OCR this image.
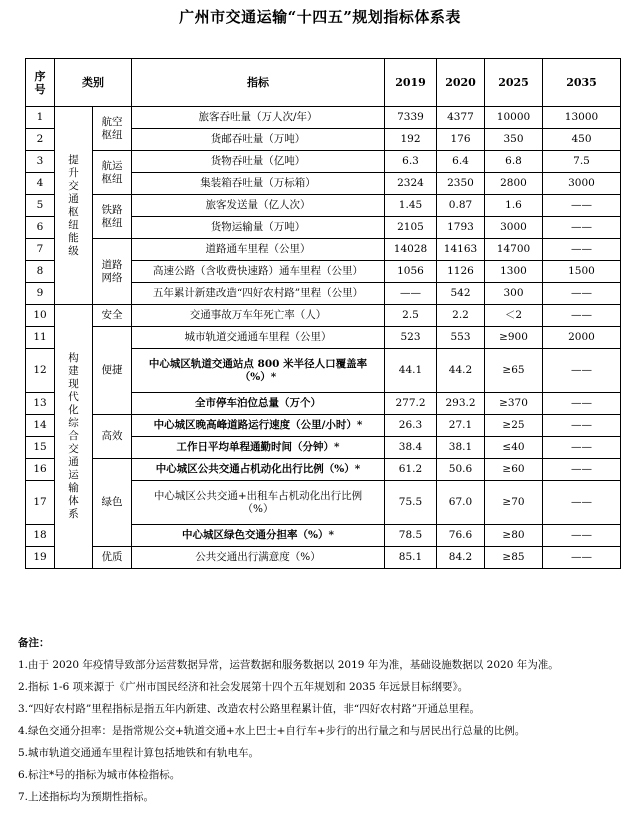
广州市交通运输“十四五”规划指标体系表
序号	类别		指标	2019	2020	2025	2035
1	提升交通枢纽能级	航空枢纽	旅客吞吐量（万人次/年）	7339	4377	10000	13000
2			货邮吞吐量（万吨）	192	176	350	450
3		航运枢纽	货物吞吐量（亿吨）	6.3	6.4	6.8	7.5
4			集装箱吞吐量（万标箱）	2324	2350	2800	3000
5		铁路枢纽	旅客发送量（亿人次）	1.45	0.87	1.6	——
6			货物运输量（万吨）	2105	1793	3000	——
7		道路网络	道路通车里程（公里）	14028	14163	14700	——
8			高速公路（含收费快速路）通车里程（公里）	1056	1126	1300	1500
9			五年累计新建改造“四好农村路”里程（公里）	——	542	300	——
10	构建现代化综合交通运输体系	安全	交通事故万车年死亡率（人）	2.5	2.2	＜2	——
11		便捷	城市轨道交通通车里程（公里）	523	553	≥900	2000
12			中心城区轨道交通站点 800 米半径人口覆盖率（%）*	44.1	44.2	≥65	——
13			全市停车泊位总量（万个）	277.2	293.2	≥370	——
14		高效	中心城区晚高峰道路运行速度（公里/小时）*	26.3	27.1	≥25	——
15			工作日平均单程通勤时间（分钟）*	38.4	38.1	≤40	——
16		绿色	中心城区公共交通占机动化出行比例（%）*	61.2	50.6	≥60	——
17			中心城区公共交通+出租车占机动化出行比例（%）	75.5	67.0	≥70	——
18			中心城区绿色交通分担率（%）*	78.5	76.6	≥80	——
19		优质	公共交通出行满意度（%）	85.1	84.2	≥85	——
备注：
1.由于 2020 年疫情导致部分运营数据异常，运营数据和服务数据以 2019 年为准，基础设施数据以 2020 年为准。
2.指标 1-6 项来源于《广州市国民经济和社会发展第十四个五年规划和 2035 年远景目标纲要》。
3.“四好农村路”里程指标是指五年内新建、改造农村公路里程累计值，非“四好农村路”开通总里程。
4.绿色交通分担率：是指常规公交+轨道交通+水上巴士+自行车+步行的出行量之和与居民出行总量的比例。
5.城市轨道交通通车里程计算包括地铁和有轨电车。
6.标注*号的指标为城市体检指标。
7.上述指标均为预期性指标。
